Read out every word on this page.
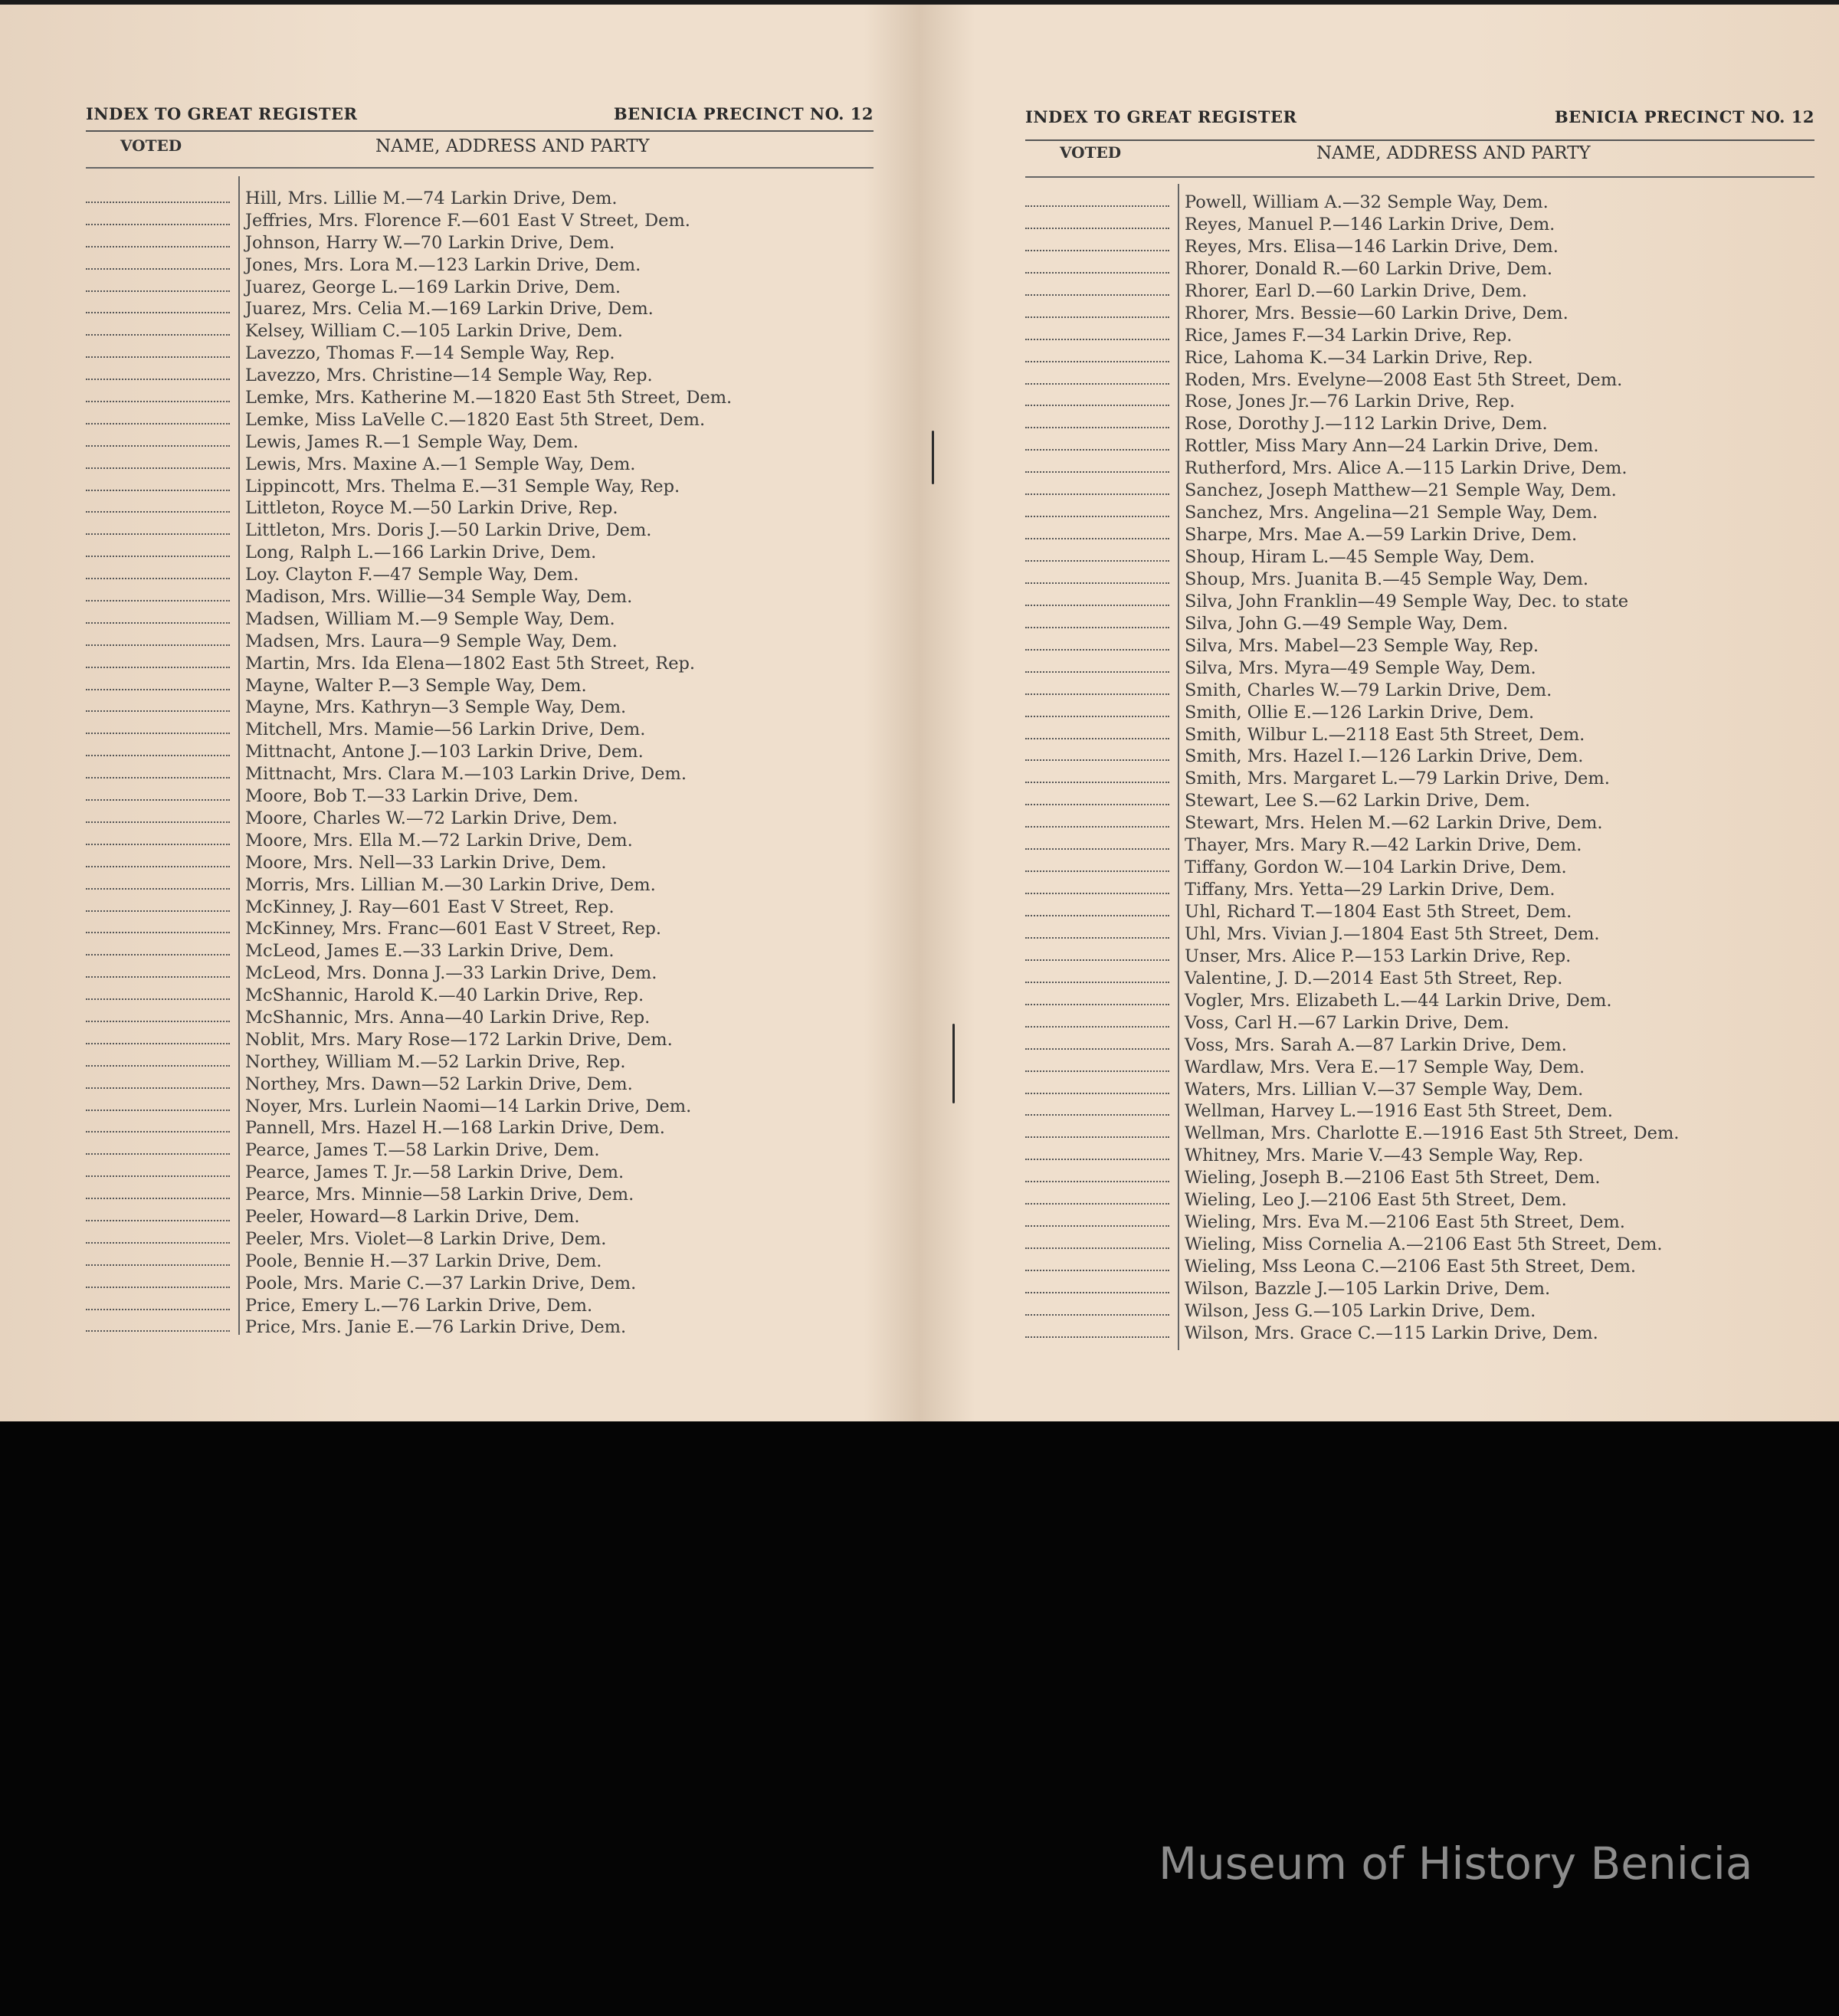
INDEX TO GREAT REGISTER	BENICIA PRECINCT NO. 12
VOTED	NAME, ADDRESS AND PARTY
Hill, Mrs. Lillie M.—74 Larkin Drive, Dem.
Jeffries, Mrs. Florence F.—601 East V Street, Dem.
Johnson, Harry W.—70 Larkin Drive, Dem.
Jones, Mrs. Lora M.—123 Larkin Drive, Dem.
Juarez, George L.—169 Larkin Drive, Dem.
Juarez, Mrs. Celia M.—169 Larkin Drive, Dem.
Kelsey, William C.—105 Larkin Drive, Dem.
Lavezzo, Thomas F.—14 Semple Way, Rep.
Lavezzo, Mrs. Christine—14 Semple Way, Rep.
Lemke, Mrs. Katherine M.—1820 East 5th Street, Dem.
Lemke, Miss LaVelle C.—1820 East 5th Street, Dem.
Lewis, James R.—1 Semple Way, Dem.
Lewis, Mrs. Maxine A.—1 Semple Way, Dem.
Lippincott, Mrs. Thelma E.—31 Semple Way, Rep.
Littleton, Royce M.—50 Larkin Drive, Rep.
Littleton, Mrs. Doris J.—50 Larkin Drive, Dem.
Long, Ralph L.—166 Larkin Drive, Dem.
Loy. Clayton F.—47 Semple Way, Dem.
Madison, Mrs. Willie—34 Semple Way, Dem.
Madsen, William M.—9 Semple Way, Dem.
Madsen, Mrs. Laura—9 Semple Way, Dem.
Martin, Mrs. Ida Elena—1802 East 5th Street, Rep.
Mayne, Walter P.—3 Semple Way, Dem.
Mayne, Mrs. Kathryn—3 Semple Way, Dem.
Mitchell, Mrs. Mamie—56 Larkin Drive, Dem.
Mittnacht, Antone J.—103 Larkin Drive, Dem.
Mittnacht, Mrs. Clara M.—103 Larkin Drive, Dem.
Moore, Bob T.—33 Larkin Drive, Dem.
Moore, Charles W.—72 Larkin Drive, Dem.
Moore, Mrs. Ella M.—72 Larkin Drive, Dem.
Moore, Mrs. Nell—33 Larkin Drive, Dem.
Morris, Mrs. Lillian M.—30 Larkin Drive, Dem.
McKinney, J. Ray—601 East V Street, Rep.
McKinney, Mrs. Franc—601 East V Street, Rep.
McLeod, James E.—33 Larkin Drive, Dem.
McLeod, Mrs. Donna J.—33 Larkin Drive, Dem.
McShannic, Harold K.—40 Larkin Drive, Rep.
McShannic, Mrs. Anna—40 Larkin Drive, Rep.
Noblit, Mrs. Mary Rose—172 Larkin Drive, Dem.
Northey, William M.—52 Larkin Drive, Rep.
Northey, Mrs. Dawn—52 Larkin Drive, Dem.
Noyer, Mrs. Lurlein Naomi—14 Larkin Drive, Dem.
Pannell, Mrs. Hazel H.—168 Larkin Drive, Dem.
Pearce, James T.—58 Larkin Drive, Dem.
Pearce, James T. Jr.—58 Larkin Drive, Dem.
Pearce, Mrs. Minnie—58 Larkin Drive, Dem.
Peeler, Howard—8 Larkin Drive, Dem.
Peeler, Mrs. Violet—8 Larkin Drive, Dem.
Poole, Bennie H.—37 Larkin Drive, Dem.
Poole, Mrs. Marie C.—37 Larkin Drive, Dem.
Price, Emery L.—76 Larkin Drive, Dem.
Price, Mrs. Janie E.—76 Larkin Drive, Dem.
INDEX TO GREAT REGISTER	BENICIA PRECINCT NO. 12
VOTED	NAME, ADDRESS AND PARTY
Powell, William A.—32 Semple Way, Dem.
Reyes, Manuel P.—146 Larkin Drive, Dem.
Reyes, Mrs. Elisa—146 Larkin Drive, Dem.
Rhorer, Donald R.—60 Larkin Drive, Dem.
Rhorer, Earl D.—60 Larkin Drive, Dem.
Rhorer, Mrs. Bessie—60 Larkin Drive, Dem.
Rice, James F.—34 Larkin Drive, Rep.
Rice, Lahoma K.—34 Larkin Drive, Rep.
Roden, Mrs. Evelyne—2008 East 5th Street, Dem.
Rose, Jones Jr.—76 Larkin Drive, Rep.
Rose, Dorothy J.—112 Larkin Drive, Dem.
Rottler, Miss Mary Ann—24 Larkin Drive, Dem.
Rutherford, Mrs. Alice A.—115 Larkin Drive, Dem.
Sanchez, Joseph Matthew—21 Semple Way, Dem.
Sanchez, Mrs. Angelina—21 Semple Way, Dem.
Sharpe, Mrs. Mae A.—59 Larkin Drive, Dem.
Shoup, Hiram L.—45 Semple Way, Dem.
Shoup, Mrs. Juanita B.—45 Semple Way, Dem.
Silva, John Franklin—49 Semple Way, Dec. to state
Silva, John G.—49 Semple Way, Dem.
Silva, Mrs. Mabel—23 Semple Way, Rep.
Silva, Mrs. Myra—49 Semple Way, Dem.
Smith, Charles W.—79 Larkin Drive, Dem.
Smith, Ollie E.—126 Larkin Drive, Dem.
Smith, Wilbur L.—2118 East 5th Street, Dem.
Smith, Mrs. Hazel I.—126 Larkin Drive, Dem.
Smith, Mrs. Margaret L.—79 Larkin Drive, Dem.
Stewart, Lee S.—62 Larkin Drive, Dem.
Stewart, Mrs. Helen M.—62 Larkin Drive, Dem.
Thayer, Mrs. Mary R.—42 Larkin Drive, Dem.
Tiffany, Gordon W.—104 Larkin Drive, Dem.
Tiffany, Mrs. Yetta—29 Larkin Drive, Dem.
Uhl, Richard T.—1804 East 5th Street, Dem.
Uhl, Mrs. Vivian J.—1804 East 5th Street, Dem.
Unser, Mrs. Alice P.—153 Larkin Drive, Rep.
Valentine, J. D.—2014 East 5th Street, Rep.
Vogler, Mrs. Elizabeth L.—44 Larkin Drive, Dem.
Voss, Carl H.—67 Larkin Drive, Dem.
Voss, Mrs. Sarah A.—87 Larkin Drive, Dem.
Wardlaw, Mrs. Vera E.—17 Semple Way, Dem.
Waters, Mrs. Lillian V.—37 Semple Way, Dem.
Wellman, Harvey L.—1916 East 5th Street, Dem.
Wellman, Mrs. Charlotte E.—1916 East 5th Street, Dem.
Whitney, Mrs. Marie V.—43 Semple Way, Rep.
Wieling, Joseph B.—2106 East 5th Street, Dem.
Wieling, Leo J.—2106 East 5th Street, Dem.
Wieling, Mrs. Eva M.—2106 East 5th Street, Dem.
Wieling, Miss Cornelia A.—2106 East 5th Street, Dem.
Wieling, Mss Leona C.—2106 East 5th Street, Dem.
Wilson, Bazzle J.—105 Larkin Drive, Dem.
Wilson, Jess G.—105 Larkin Drive, Dem.
Wilson, Mrs. Grace C.—115 Larkin Drive, Dem.
Museum of History Benicia
